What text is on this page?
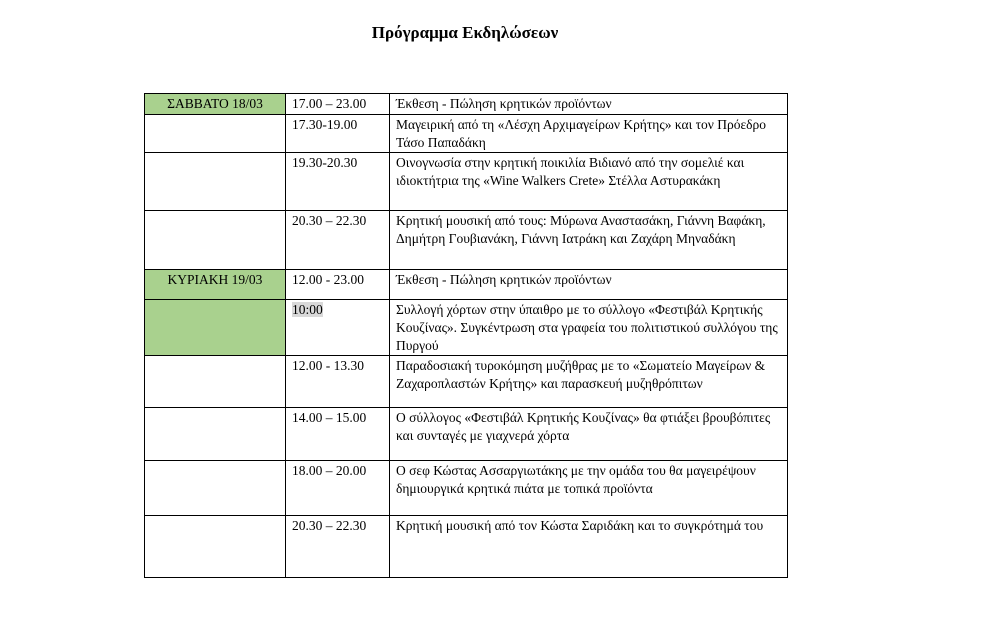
Πρόγραμμα Εκδηλώσεων
ΣΑΒΒΑΤΟ 18/03	17.00 – 23.00	Έκθεση - Πώληση κρητικών προϊόντων
	17.30-19.00	Μαγειρική από τη «Λέσχη Αρχιμαγείρων Κρήτης» και τον Πρόεδρο Τάσο Παπαδάκη
	19.30-20.30	Οινογνωσία στην κρητική ποικιλία Βιδιανό από την σομελιέ και ιδιοκτήτρια της «Wine Walkers Crete» Στέλλα Αστυρακάκη
	20.30 – 22.30	Κρητική μουσική από τους: Μύρωνα Αναστασάκη, Γιάννη Βαφάκη, Δημήτρη Γουβιανάκη, Γιάννη Ιατράκη και Ζαχάρη Μηναδάκη
ΚΥΡΙΑΚΗ 19/03	12.00 - 23.00	Έκθεση - Πώληση κρητικών προϊόντων
	10:00	Συλλογή χόρτων στην ύπαιθρο με το σύλλογο «Φεστιβάλ Κρητικής Κουζίνας». Συγκέντρωση στα γραφεία του πολιτιστικού συλλόγου της Πυργού
	12.00 - 13.30	Παραδοσιακή τυροκόμηση μυζήθρας με το «Σωματείο Μαγείρων & Ζαχαροπλαστών Κρήτης» και παρασκευή μυζηθρόπιτων
	14.00 – 15.00	Ο σύλλογος «Φεστιβάλ Κρητικής Κουζίνας» θα φτιάξει βρουβόπιτες και συνταγές με γιαχνερά χόρτα
	18.00 – 20.00	Ο σεφ Κώστας Ασσαργιωτάκης με την ομάδα του θα μαγειρέψουν δημιουργικά κρητικά πιάτα με τοπικά προϊόντα
	20.30 – 22.30	Κρητική μουσική από τον Κώστα Σαριδάκη και το συγκρότημά του
